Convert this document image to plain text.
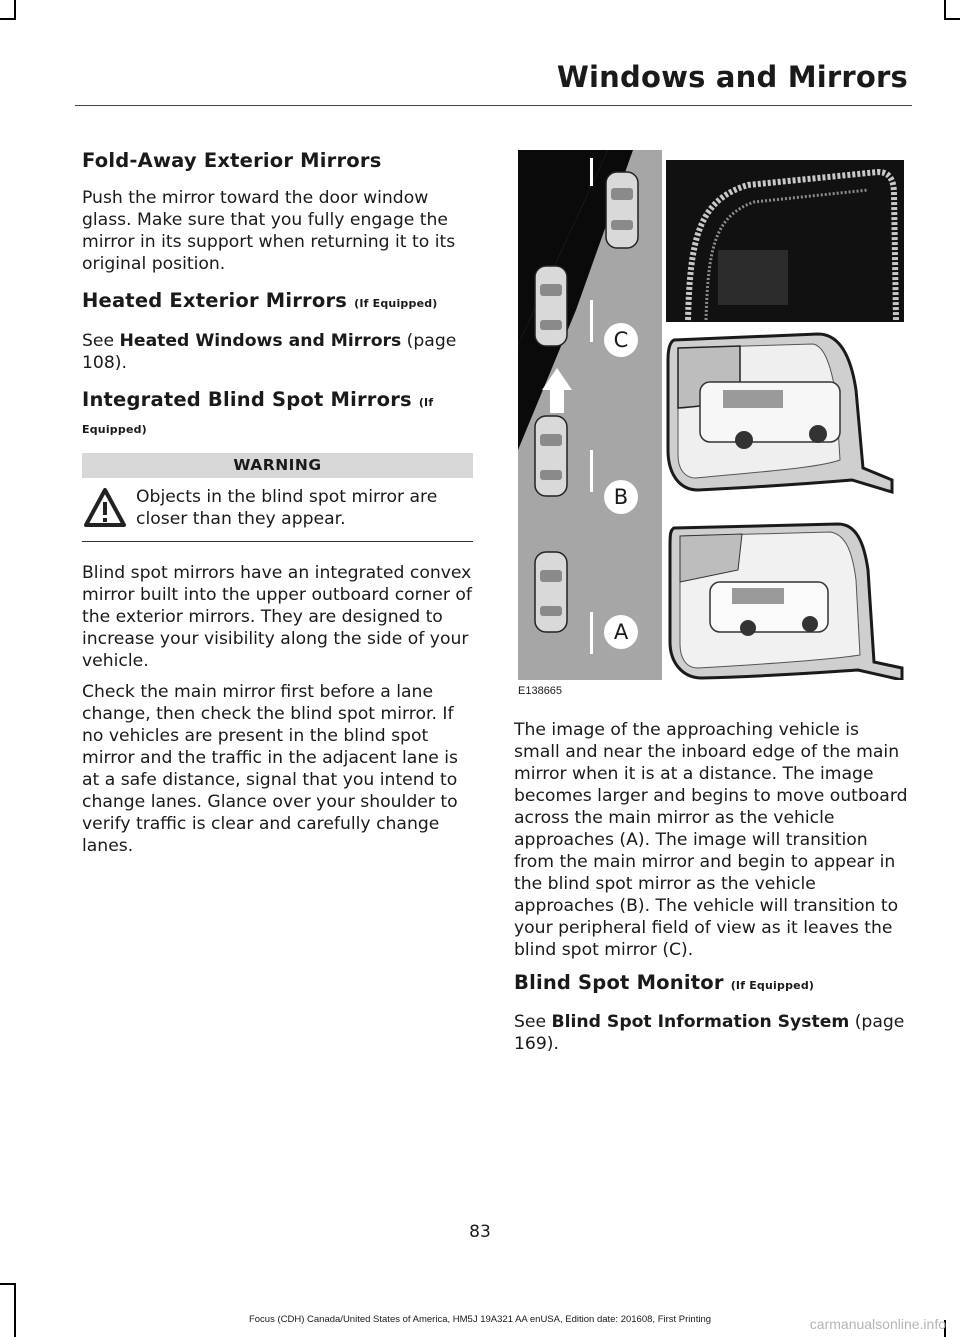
Windows and Mirrors
Fold-Away Exterior Mirrors

Push the mirror toward the door window glass. Make sure that you fully engage the mirror in its support when returning it to its original position.

Heated Exterior Mirrors (If Equipped)

See Heated Windows and Mirrors (page 108).

Integrated Blind Spot Mirrors (If
Equipped)
WARNING

Objects in the blind spot mirror are closer than they appear.

Blind spot mirrors have an integrated convex mirror built into the upper outboard corner of the exterior mirrors. They are designed to increase your visibility along the side of your vehicle.

Check the main mirror first before a lane change, then check the blind spot mirror. If no vehicles are present in the blind spot mirror and the traffic in the adjacent lane is at a safe distance, signal that you intend to change lanes. Glance over your shoulder to verify traffic is clear and carefully change lanes.

C
B
A
E138665

The image of the approaching vehicle is small and near the inboard edge of the main mirror when it is at a distance. The image becomes larger and begins to move outboard across the main mirror as the vehicle approaches (A). The image will transition from the main mirror and begin to appear in the blind spot mirror as the vehicle approaches (B). The vehicle will transition to your peripheral field of view as it leaves the blind spot mirror (C).

Blind Spot Monitor (If Equipped)

See Blind Spot Information System (page 169).

83
Focus (CDH) Canada/United States of America, HM5J 19A321 AA enUSA, Edition date: 201608, First Printing	carmanualsonline.info
